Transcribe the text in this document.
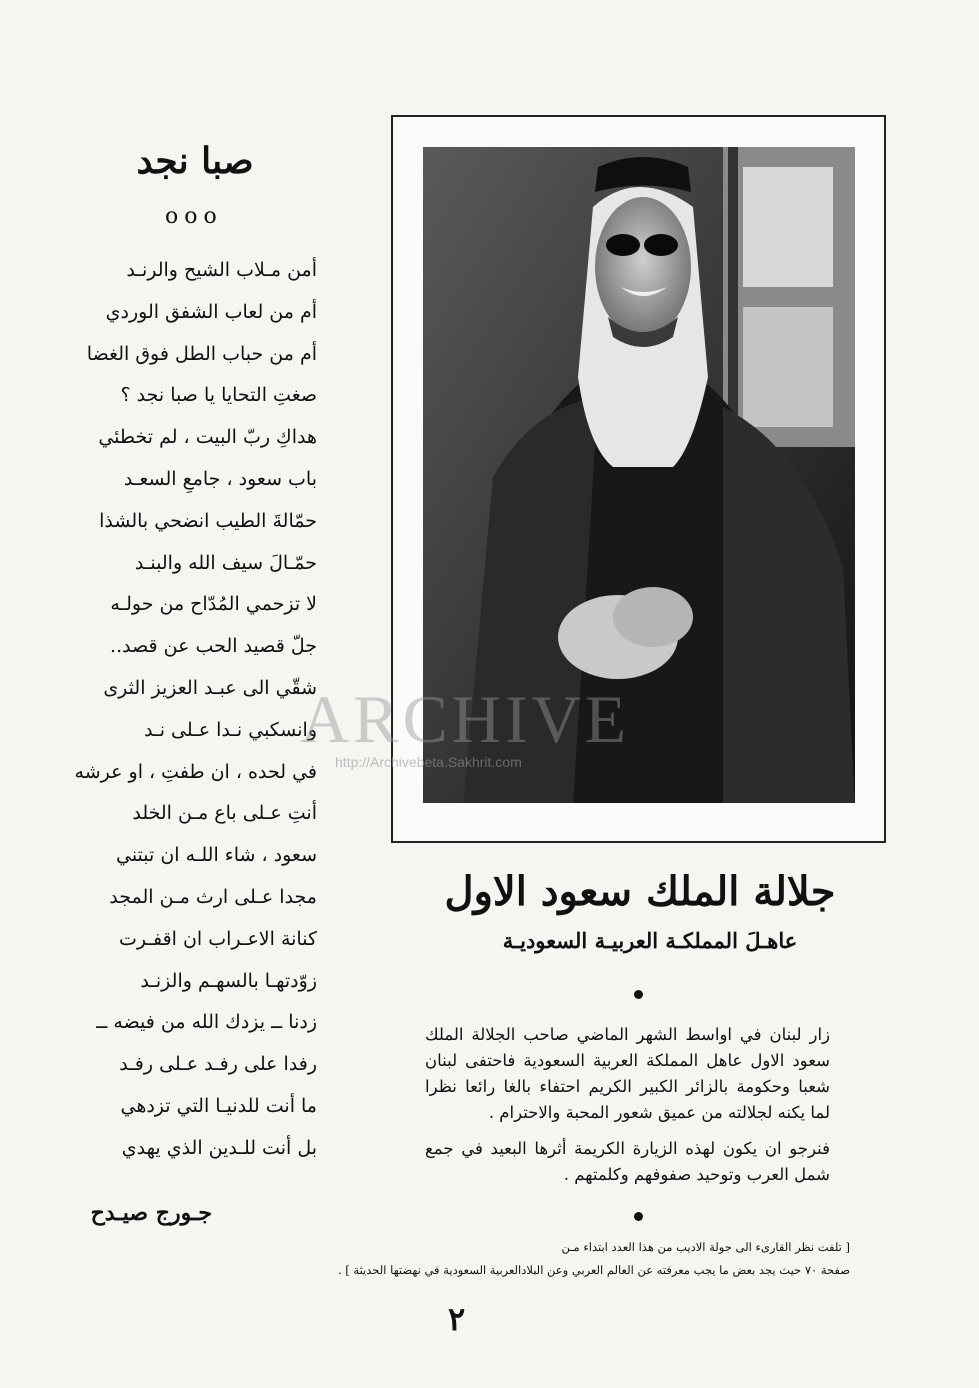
صبا نجد
ooo
أمن مـلاب الشيح والرنـد
أم من لعاب الشفق الوردي
أم من حباب الطل فوق الغضا
صغتِ التحايا يا صبا نجد ؟
هداكِ ربّ البيت ، لم تخطئي
باب سعود ، جامعِ السعـد
حمّالةَ الطيب انضحي بالشذا
حمّـالَ سيف الله والبنـد
لا تزحمي المُدّاح من حولـه
جلّ قصيد الحب عن قصد..
شقّي الى عبـد العزيز الثرى
وانسكبي نـدا عـلى نـد
في لحده ، ان طفتِ ، او عرشه
أنتِ عـلى باع مـن الخلد
سعود ، شاء اللـه ان تبتني
مجدا عـلى ارث مـن المجد
كنانة الاعـراب ان اقفـرت
زوّدتهـا بالسهـم والزنـد
زدنا ــ يزدك الله من فيضه ــ
رفدا على رفـد عـلى رفـد
ما أنت للدنيـا التي تزدهي
بل أنت للـدين الذي يهدي
جـورج صيـدح
ARCHIVE
http://Archivebeta.Sakhrit.com
جلالة الملك سعود الاول
عاهـلَ المملكـة العربيـة السعوديـة

زار لبنان في اواسط الشهر الماضي صاحب الجلالة الملك سعود الاول عاهل المملكة العربية السعودية فاحتفى لبنان شعبا وحكومة بالزائر الكبير الكريم احتفاء بالغا رائعا نظرا لما يكنه لجلالته من عميق شعور المحبة والاحترام .

فنرجو ان يكون لهذه الزيارة الكريمة أثرها البعيد في جمع شمل العرب وتوحيد صفوفهم وكلمتهم .

[ تلفت نظر القارىء الى جولة الاديب من هذا العدد ابتداء مـن
صفحة ٧٠ حيث يجد بعض ما يجب معرفته عن العالم العربي وعن البلادالعربية السعودية في نهضتها الحديثة ] .
٢
